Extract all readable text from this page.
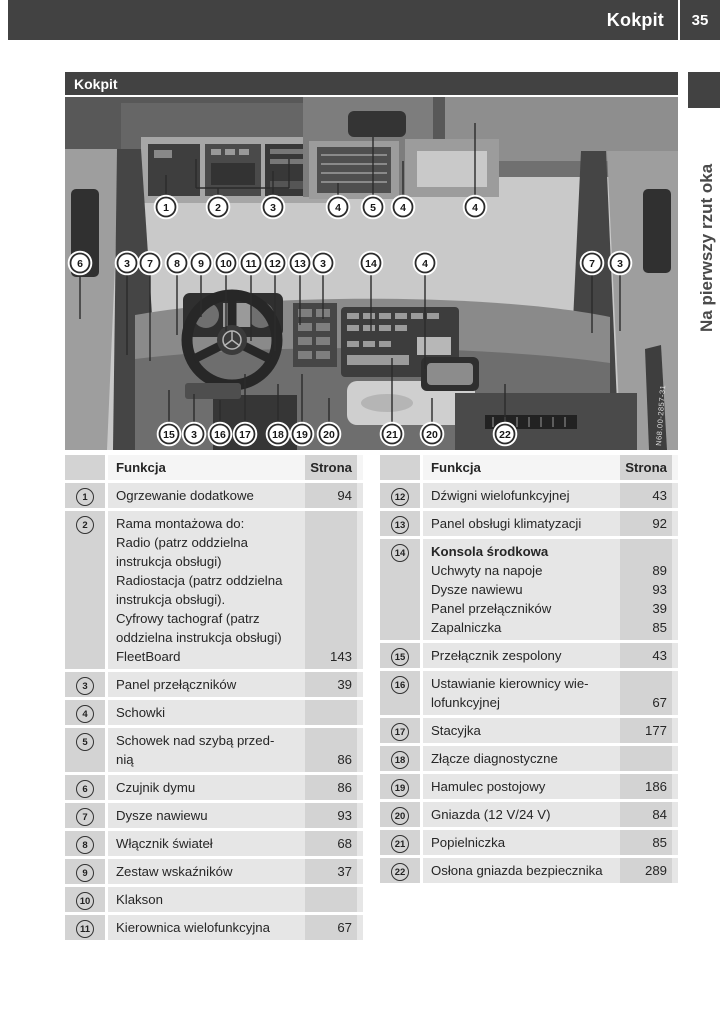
Kokpit	35
Na pierwszy rzut oka
Kokpit
N68.00-2857-31
1	2	3	4	5 4	4
6	3 7 8 9 10 11 12 13 3	14	4	7 3
15 3 16 17 18 19 20	21	20	22
Funkcja	Strona
1	Ogrzewanie dodatkowe	94
2	Rama montażowa do:
Radio (patrz oddzielna
instrukcja obsługi)
Radiostacja (patrz oddzielna
instrukcja obsługi).
Cyfrowy tachograf (patrz
oddzielna instrukcja obsługi)
FleetBoard	143
3	Panel przełączników	39
4	Schowki
5	Schowek nad szybą przed-
nią	86
6	Czujnik dymu	86
7	Dysze nawiewu	93
8	Włącznik świateł	68
9	Zestaw wskaźników	37
10	Klakson
11	Kierownica wielofunkcyjna	67
Funkcja	Strona
12	Dźwigni wielofunkcyjnej	43
13	Panel obsługi klimatyzacji	92
14	Konsola środkowa
Uchwyty na napoje	89
Dysze nawiewu	93
Panel przełączników	39
Zapalniczka	85
15	Przełącznik zespolony	43
16	Ustawianie kierownicy wie-
lofunkcyjnej	67
17	Stacyjka	177
18	Złącze diagnostyczne
19	Hamulec postojowy	186
20	Gniazda (12 V/24 V)	84
21	Popielniczka	85
22	Osłona gniazda bezpiecznika	289
